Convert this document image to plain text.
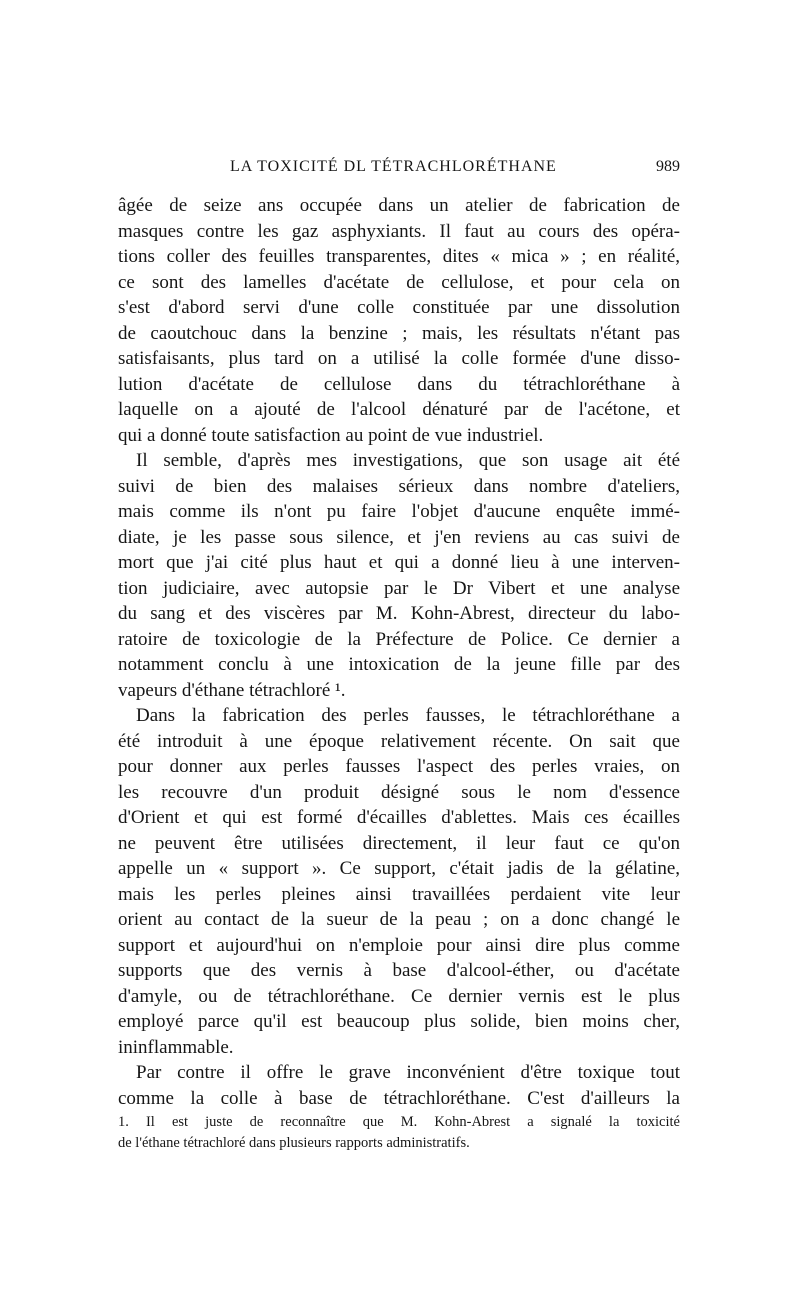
LA TOXICITÉ DL TÉTRACHLORÉTHANE	989
âgée de seize ans occupée dans un atelier de fabrication de
masques contre les gaz asphyxiants. Il faut au cours des opéra-
tions coller des feuilles transparentes, dites « mica » ; en réalité,
ce sont des lamelles d'acétate de cellulose, et pour cela on
s'est d'abord servi d'une colle constituée par une dissolution
de caoutchouc dans la benzine ; mais, les résultats n'étant pas
satisfaisants, plus tard on a utilisé la colle formée d'une disso-
lution d'acétate de cellulose dans du tétrachloréthane à
laquelle on a ajouté de l'alcool dénaturé par de l'acétone, et
qui a donné toute satisfaction au point de vue industriel.
Il semble, d'après mes investigations, que son usage ait été
suivi de bien des malaises sérieux dans nombre d'ateliers,
mais comme ils n'ont pu faire l'objet d'aucune enquête immé-
diate, je les passe sous silence, et j'en reviens au cas suivi de
mort que j'ai cité plus haut et qui a donné lieu à une interven-
tion judiciaire, avec autopsie par le Dr Vibert et une analyse
du sang et des viscères par M. Kohn-Abrest, directeur du labo-
ratoire de toxicologie de la Préfecture de Police. Ce dernier a
notamment conclu à une intoxication de la jeune fille par des
vapeurs d'éthane tétrachloré ¹.
Dans la fabrication des perles fausses, le tétrachloréthane a
été introduit à une époque relativement récente. On sait que
pour donner aux perles fausses l'aspect des perles vraies, on
les recouvre d'un produit désigné sous le nom d'essence
d'Orient et qui est formé d'écailles d'ablettes. Mais ces écailles
ne peuvent être utilisées directement, il leur faut ce qu'on
appelle un « support ». Ce support, c'était jadis de la gélatine,
mais les perles pleines ainsi travaillées perdaient vite leur
orient au contact de la sueur de la peau ; on a donc changé le
support et aujourd'hui on n'emploie pour ainsi dire plus comme
supports que des vernis à base d'alcool-éther, ou d'acétate
d'amyle, ou de tétrachloréthane. Ce dernier vernis est le plus
employé parce qu'il est beaucoup plus solide, bien moins cher,
ininflammable.
Par contre il offre le grave inconvénient d'être toxique tout
comme la colle à base de tétrachloréthane. C'est d'ailleurs la
1. Il est juste de reconnaître que M. Kohn-Abrest a signalé la toxicité
de l'éthane tétrachloré dans plusieurs rapports administratifs.
